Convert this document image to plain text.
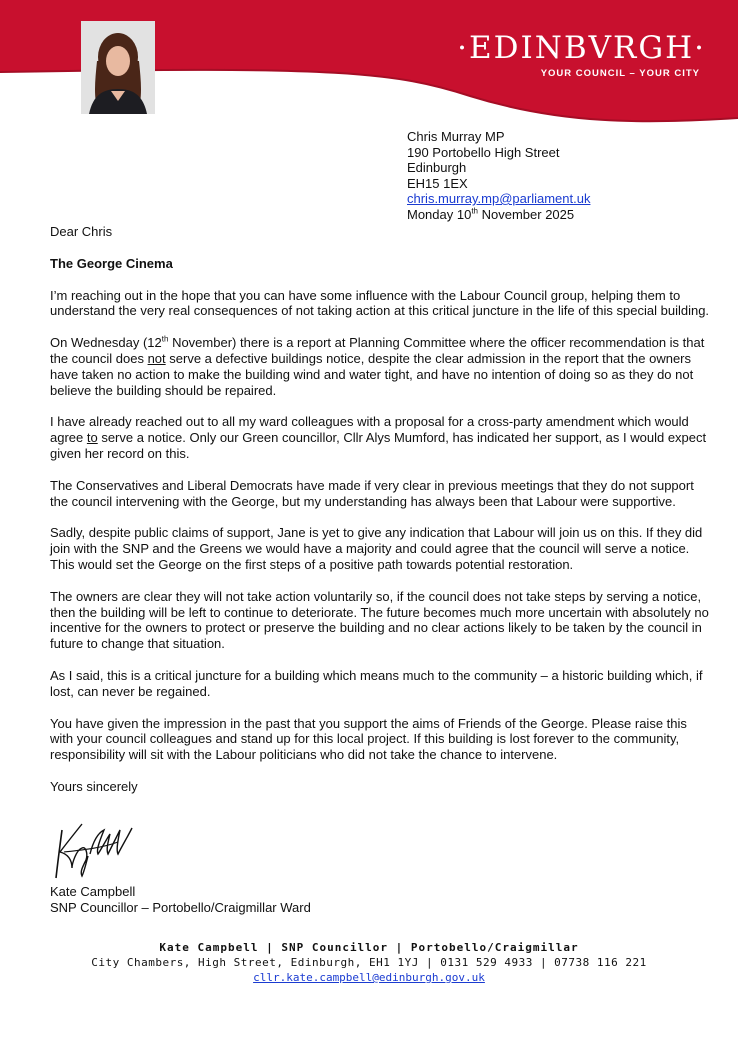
·EDINBVRGH·
YOUR COUNCIL – YOUR CITY
Chris Murray MP
190 Portobello High Street
Edinburgh
EH15 1EX
chris.murray.mp@parliament.uk
Monday 10th November 2025

Dear Chris

The George Cinema

I’m reaching out in the hope that you can have some influence with the Labour Council group, helping them to understand the very real consequences of not taking action at this critical juncture in the life of this special building.

On Wednesday (12th November) there is a report at Planning Committee where the officer recommendation is that the council does not serve a defective buildings notice, despite the clear admission in the report that the owners have taken no action to make the building wind and water tight, and have no intention of doing so as they do not believe the building should be repaired.

I have already reached out to all my ward colleagues with a proposal for a cross-party amendment which would agree to serve a notice. Only our Green councillor, Cllr Alys Mumford, has indicated her support, as I would expect given her record on this.

The Conservatives and Liberal Democrats have made if very clear in previous meetings that they do not support the council intervening with the George, but my understanding has always been that Labour were supportive.

Sadly, despite public claims of support, Jane is yet to give any indication that Labour will join us on this. If they did join with the SNP and the Greens we would have a majority and could agree that the council will serve a notice. This would set the George on the first steps of a positive path towards potential restoration.

The owners are clear they will not take action voluntarily so, if the council does not take steps by serving a notice, then the building will be left to continue to deteriorate. The future becomes much more uncertain with absolutely no incentive for the owners to protect or preserve the building and no clear actions likely to be taken by the council in future to change that situation.

As I said, this is a critical juncture for a building which means much to the community – a historic building which, if lost, can never be regained.

You have given the impression in the past that you support the aims of Friends of the George. Please raise this with your council colleagues and stand up for this local project. If this building is lost forever to the community, responsibility will sit with the Labour politicians who did not take the chance to intervene.

Yours sincerely

Kate Campbell
SNP Councillor – Portobello/Craigmillar Ward
Kate Campbell | SNP Councillor | Portobello/Craigmillar
City Chambers, High Street, Edinburgh, EH1 1YJ | 0131 529 4933 | 07738 116 221
cllr.kate.campbell@edinburgh.gov.uk
